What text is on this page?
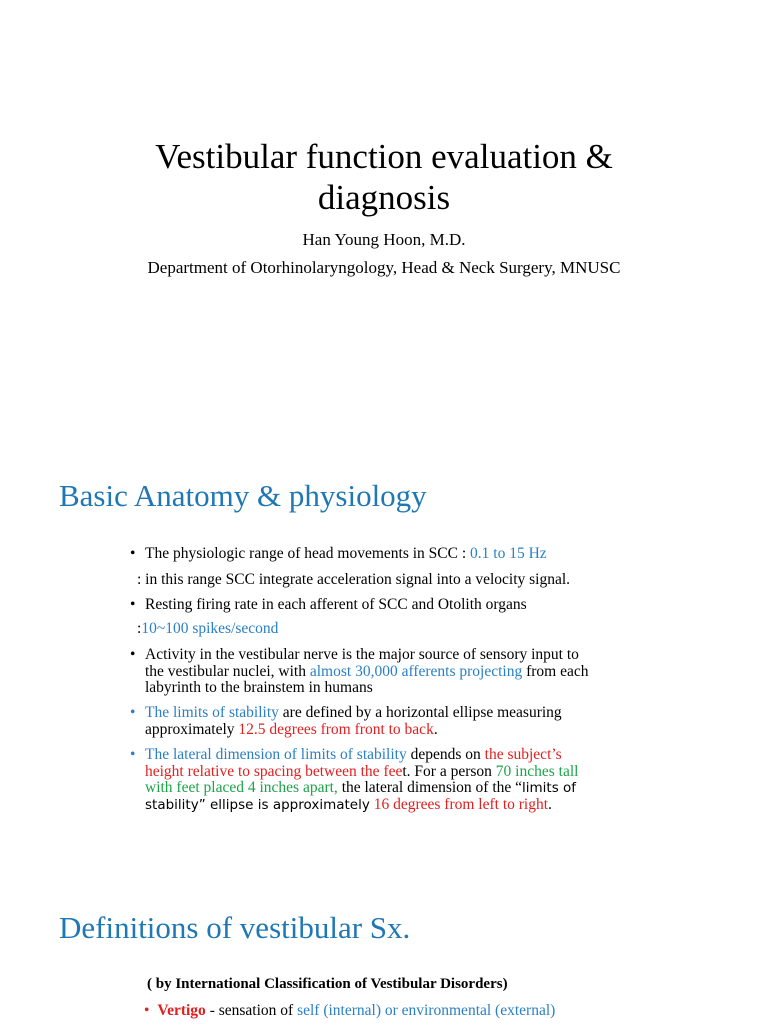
Vestibular function evaluation &
diagnosis
Han Young Hoon, M.D.
Department of Otorhinolaryngology, Head & Neck Surgery, MNUSC
Basic Anatomy & physiology
• The physiologic range of head movements in SCC : 0.1 to 15 Hz
: in this range SCC integrate acceleration signal into a velocity signal.
• Resting firing rate in each afferent of SCC and Otolith organs
:10~100 spikes/second
• Activity in the vestibular nerve is the major source of sensory input to
the vestibular nuclei, with almost 30,000 afferents projecting from each
labyrinth to the brainstem in humans
• The limits of stability are defined by a horizontal ellipse measuring
approximately 12.5 degrees from front to back.
• The lateral dimension of limits of stability depends on the subject’s
height relative to spacing between the feet. For a person 70 inches tall
with feet placed 4 inches apart, the lateral dimension of the “limits of
stability” ellipse is approximately 16 degrees from left to right.
Definitions of vestibular Sx.
( by International Classification of Vestibular Disorders)
• Vertigo - sensation of self (internal) or environmental (external)
